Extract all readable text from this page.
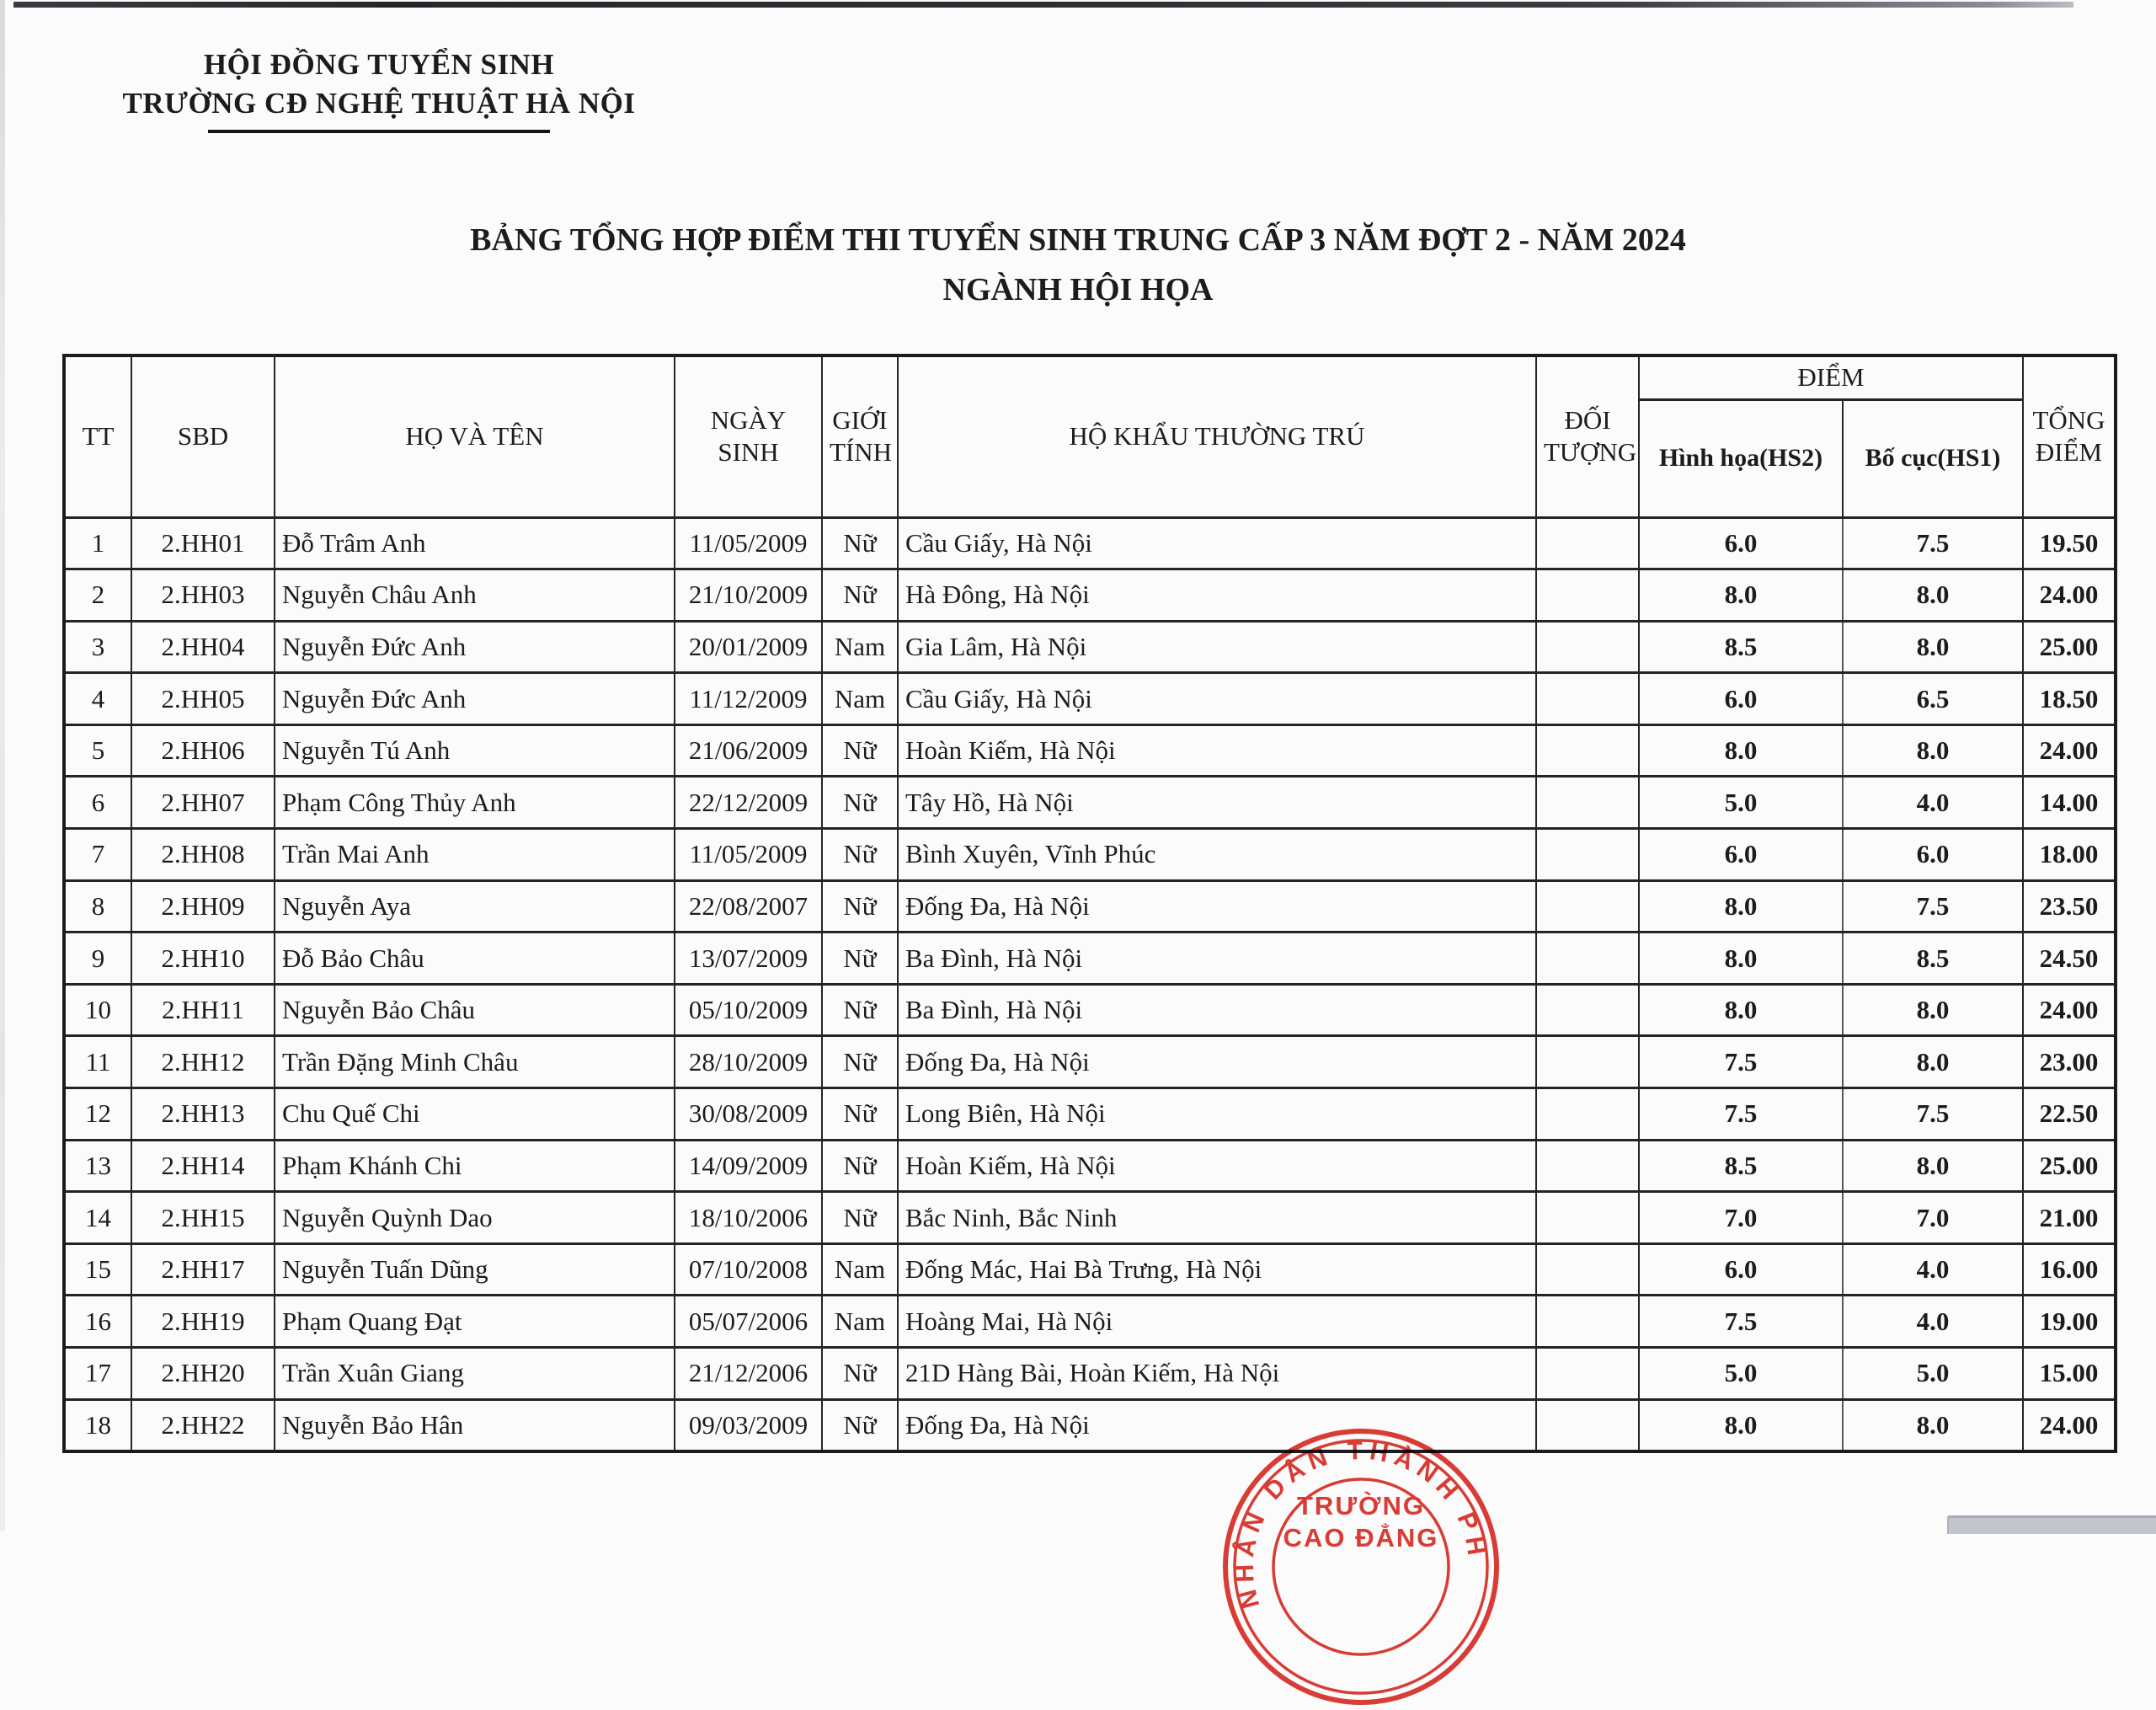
HỘI ĐỒNG TUYỂN SINH
TRƯỜNG CĐ NGHỆ THUẬT HÀ NỘI
BẢNG TỔNG HỢP ĐIỂM THI TUYỂN SINH TRUNG CẤP 3 NĂM ĐỢT 2 - NĂM 2024
NGÀNH HỘI HỌA
TT	SBD	HỌ VÀ TÊN	NGÀY SINH	GIỚI TÍNH	HỘ KHẨU THƯỜNG TRÚ	ĐỐI TƯỢNG	ĐIỂM		TỔNG ĐIỂM
							Hình họa(HS2)	Bố cục(HS1)	
1	2.HH01	Đỗ Trâm Anh	11/05/2009	Nữ	Cầu Giấy, Hà Nội		6.0	7.5	19.50
2	2.HH03	Nguyễn Châu Anh	21/10/2009	Nữ	Hà Đông, Hà Nội		8.0	8.0	24.00
3	2.HH04	Nguyễn Đức Anh	20/01/2009	Nam	Gia Lâm, Hà Nội		8.5	8.0	25.00
4	2.HH05	Nguyễn Đức Anh	11/12/2009	Nam	Cầu Giấy, Hà Nội		6.0	6.5	18.50
5	2.HH06	Nguyễn Tú Anh	21/06/2009	Nữ	Hoàn Kiếm, Hà Nội		8.0	8.0	24.00
6	2.HH07	Phạm Công Thủy Anh	22/12/2009	Nữ	Tây Hồ, Hà Nội		5.0	4.0	14.00
7	2.HH08	Trần Mai Anh	11/05/2009	Nữ	Bình Xuyên, Vĩnh Phúc		6.0	6.0	18.00
8	2.HH09	Nguyễn Aya	22/08/2007	Nữ	Đống Đa, Hà Nội		8.0	7.5	23.50
9	2.HH10	Đỗ Bảo Châu	13/07/2009	Nữ	Ba Đình, Hà Nội		8.0	8.5	24.50
10	2.HH11	Nguyễn Bảo Châu	05/10/2009	Nữ	Ba Đình, Hà Nội		8.0	8.0	24.00
11	2.HH12	Trần Đặng Minh Châu	28/10/2009	Nữ	Đống Đa, Hà Nội		7.5	8.0	23.00
12	2.HH13	Chu Quế Chi	30/08/2009	Nữ	Long Biên, Hà Nội		7.5	7.5	22.50
13	2.HH14	Phạm Khánh Chi	14/09/2009	Nữ	Hoàn Kiếm, Hà Nội		8.5	8.0	25.00
14	2.HH15	Nguyễn Quỳnh Dao	18/10/2006	Nữ	Bắc Ninh, Bắc Ninh		7.0	7.0	21.00
15	2.HH17	Nguyễn Tuấn Dũng	07/10/2008	Nam	Đống Mác, Hai Bà Trưng, Hà Nội		6.0	4.0	16.00
16	2.HH19	Phạm Quang Đạt	05/07/2006	Nam	Hoàng Mai, Hà Nội		7.5	4.0	19.00
17	2.HH20	Trần Xuân Giang	21/12/2006	Nữ	21D Hàng Bài, Hoàn Kiếm, Hà Nội		5.0	5.0	15.00
18	2.HH22	Nguyễn Bảo Hân	09/03/2009	Nữ	Đống Đa, Hà Nội		8.0	8.0	24.00
NHÂN DÂN THÀNH PH
TRƯỜNG
CAO ĐẲNG
